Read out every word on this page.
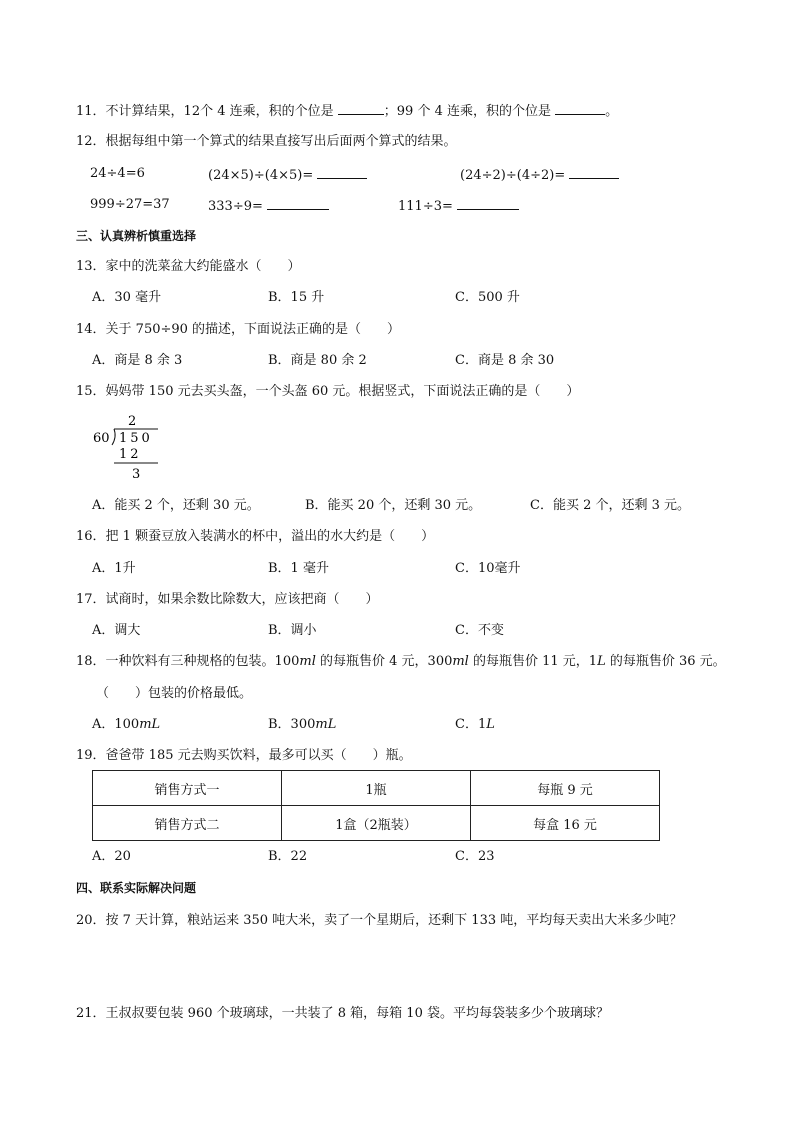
11．不计算结果，12个 4 连乘，积的个位是	；99 个 4 连乘，积的个位是	。
12．根据每组中第一个算式的结果直接写出后面两个算式的结果。
24÷4=6	(24×5)÷(4×5)=	(24÷2)÷(4÷2)=
999÷27=37	333÷9=	111÷3=
三、认真辨析慎重选择
13．家中的洗菜盆大约能盛水（　　）
A．30 毫升	B．15 升	C．500 升
14．关于 750÷90 的描述，下面说法正确的是（　　）
A．商是 8 余 3	B．商是 80 余 2	C．商是 8 余 30
15．妈妈带 150 元去买头盔，一个头盔 60 元。根据竖式，下面说法正确的是（　　）
2
60 150
12
3
A．能买 2 个，还剩 30 元。	B．能买 20 个，还剩 30 元。	C．能买 2 个，还剩 3 元。
16．把 1 颗蚕豆放入装满水的杯中，溢出的水大约是（　　）
A．1升	B．1 毫升	C．10毫升
17．试商时，如果余数比除数大，应该把商（　　）
A．调大	B．调小	C．不变
18．一种饮料有三种规格的包装。100ml 的每瓶售价 4 元，300ml 的每瓶售价 11 元，1L 的每瓶售价 36 元。
（　　）包装的价格最低。
A．100mL	B．300mL	C．1L
19．爸爸带 185 元去购买饮料，最多可以买（　　）瓶。
销售方式一	1瓶	每瓶 9 元
销售方式二	1盒（2瓶装）	每盒 16 元
A．20	B．22	C．23
四、联系实际解决问题
20．按 7 天计算，粮站运来 350 吨大米，卖了一个星期后，还剩下 133 吨，平均每天卖出大米多少吨？
21．王叔叔要包装 960 个玻璃球，一共装了 8 箱，每箱 10 袋。平均每袋装多少个玻璃球？
